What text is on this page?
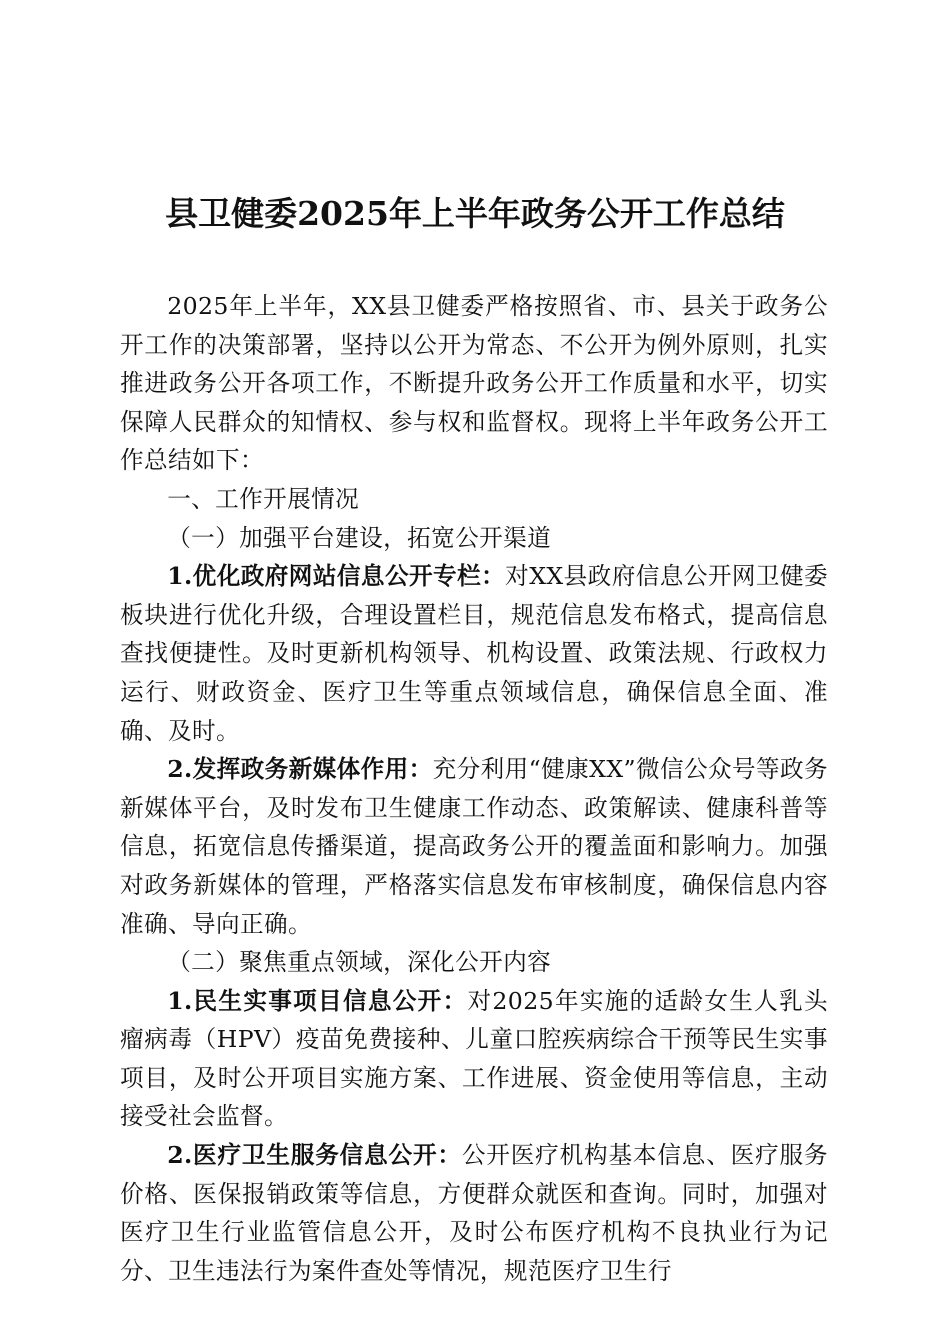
县卫健委2025年上半年政务公开工作总结

2025年上半年，XX县卫健委严格按照省、市、县关于政务公开工作的决策部署，坚持以公开为常态、不公开为例外原则，扎实推进政务公开各项工作，不断提升政务公开工作质量和水平，切实保障人民群众的知情权、参与权和监督权。现将上半年政务公开工作总结如下：

一、工作开展情况

（一）加强平台建设，拓宽公开渠道

1.优化政府网站信息公开专栏：对XX县政府信息公开网卫健委板块进行优化升级，合理设置栏目，规范信息发布格式，提高信息查找便捷性。及时更新机构领导、机构设置、政策法规、行政权力运行、财政资金、医疗卫生等重点领域信息，确保信息全面、准确、及时。

2.发挥政务新媒体作用：充分利用“健康XX”微信公众号等政务新媒体平台，及时发布卫生健康工作动态、政策解读、健康科普等信息，拓宽信息传播渠道，提高政务公开的覆盖面和影响力。加强对政务新媒体的管理，严格落实信息发布审核制度，确保信息内容准确、导向正确。

（二）聚焦重点领域，深化公开内容

1.民生实事项目信息公开：对2025年实施的适龄女生人乳头瘤病毒（HPV）疫苗免费接种、儿童口腔疾病综合干预等民生实事项目，及时公开项目实施方案、工作进展、资金使用等信息，主动接受社会监督。

2.医疗卫生服务信息公开：公开医疗机构基本信息、医疗服务价格、医保报销政策等信息，方便群众就医和查询。同时，加强对医疗卫生行业监管信息公开，及时公布医疗机构不良执业行为记分、卫生违法行为案件查处等情况，规范医疗卫生行
